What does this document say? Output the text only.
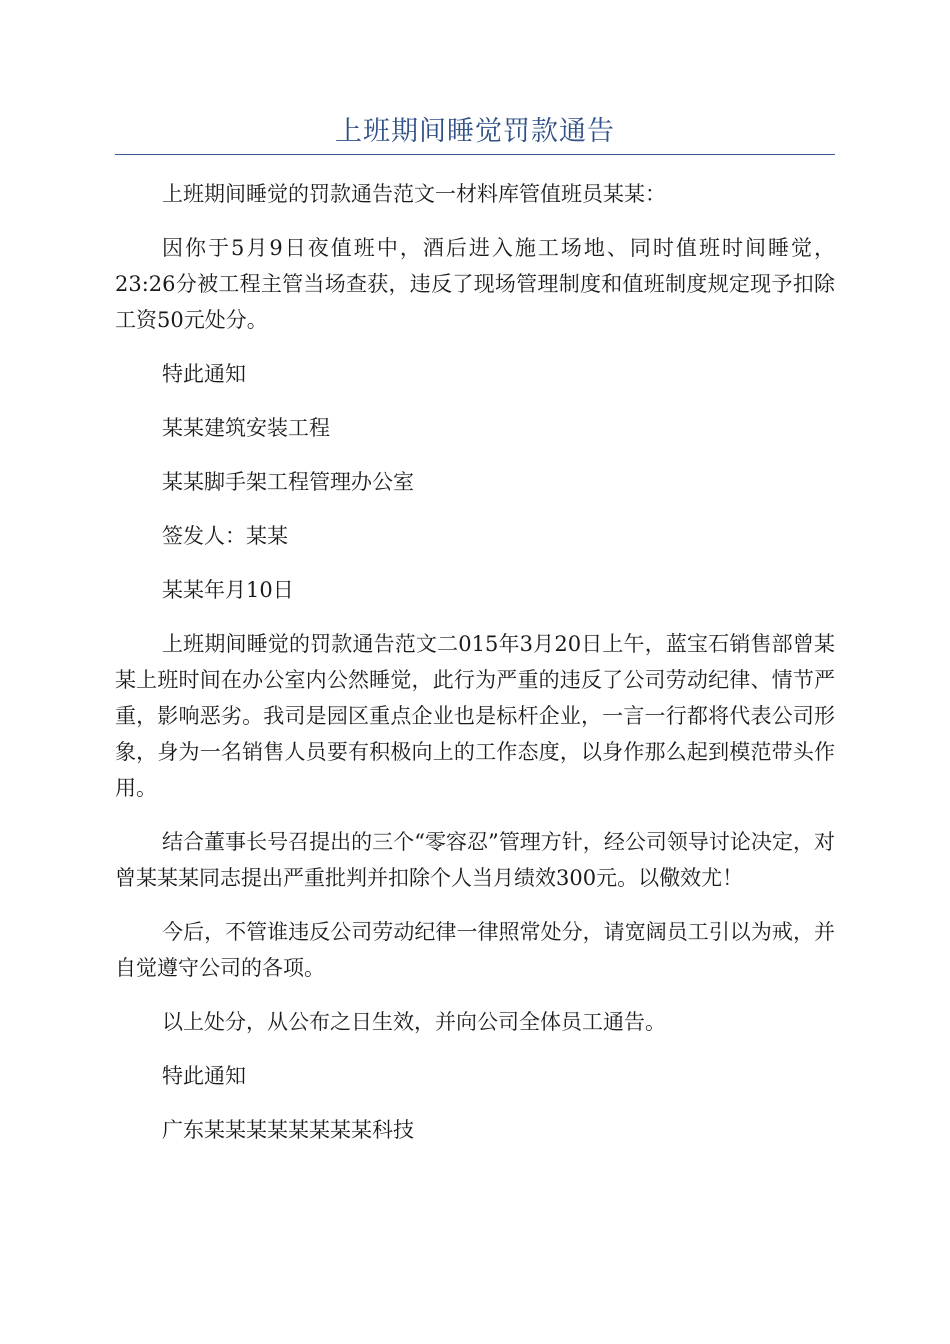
上班期间睡觉罚款通告

上班期间睡觉的罚款通告范文一材料库管值班员某某：

因你于5月9日夜值班中，酒后进入施工场地、同时值班时间睡觉，23:26分被工程主管当场查获，违反了现场管理制度和值班制度规定现予扣除工资50元处分。

特此通知

某某建筑安装工程

某某脚手架工程管理办公室

签发人：某某

某某年月10日

上班期间睡觉的罚款通告范文二015年3月20日上午，蓝宝石销售部曾某某上班时间在办公室内公然睡觉，此行为严重的违反了公司劳动纪律、情节严重，影响恶劣。我司是园区重点企业也是标杆企业，一言一行都将代表公司形象，身为一名销售人员要有积极向上的工作态度，以身作那么起到模范带头作用。

结合董事长号召提出的三个“零容忍”管理方针，经公司领导讨论决定，对曾某某某同志提出严重批判并扣除个人当月绩效300元。以儆效尤！

今后，不管谁违反公司劳动纪律一律照常处分，请宽阔员工引以为戒，并自觉遵守公司的各项。

以上处分，从公布之日生效，并向公司全体员工通告。

特此通知

广东某某某某某某某某科技
